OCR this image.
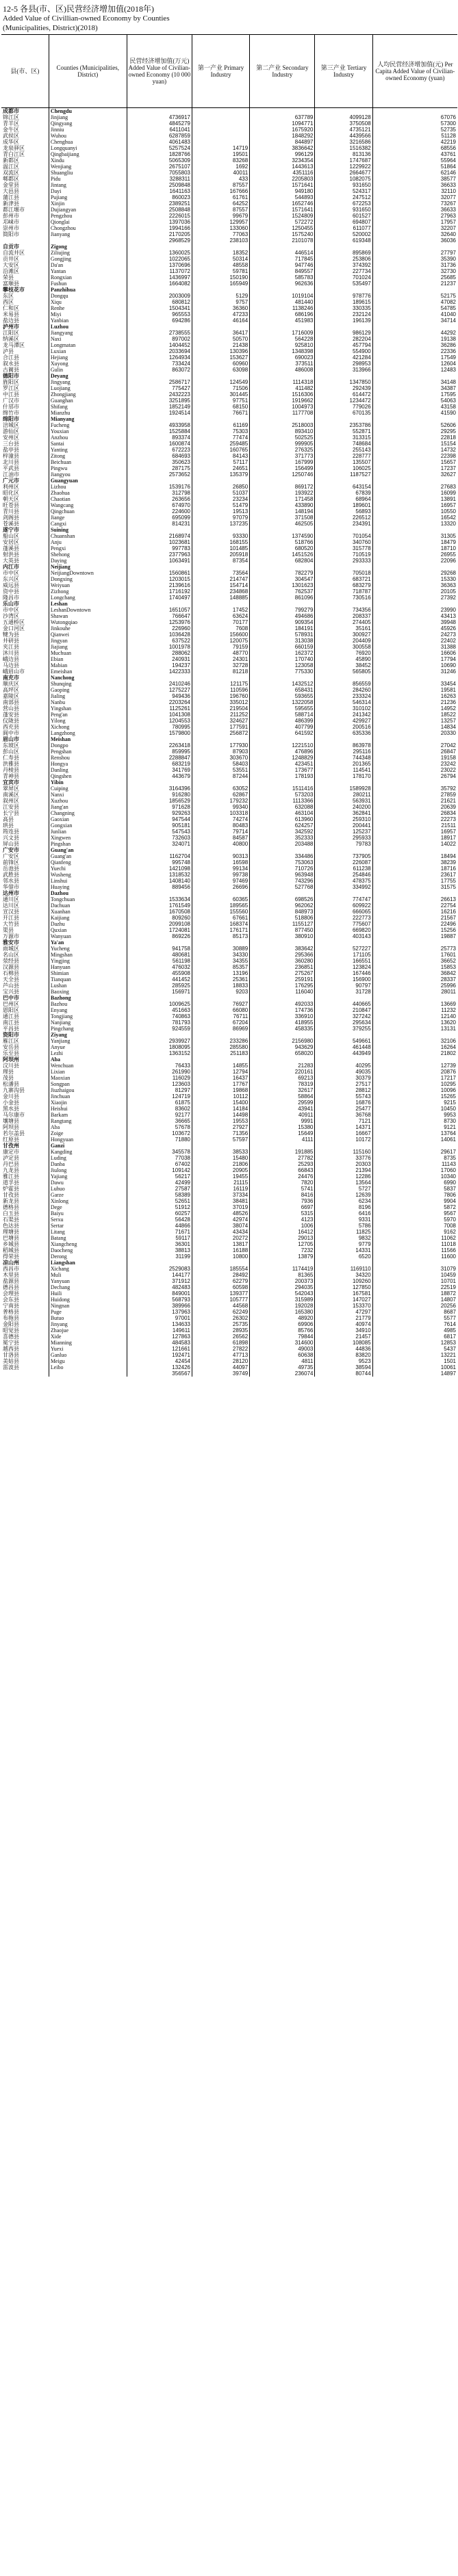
12-5 各县(市、区)民营经济增加值(2018年)
Added Value of Civillian-owned Economy by Counties
(Municipalities, District)(2018)
县(市、区)	Counties (Municipalities, District)	民营经济增加值(万元) Added Value of Civilian-owned Economy (10 000 yuan)	第一产业 Primary Industry	第二产业 Secondary Industry	第三产业 Tertiary Industry	人均民营经济增加值(元) Per Capita Added Value of Civilian-owned Economy (yuan)
成都市	Chengdu					
锦江区	Jinjiang	4736917		637789	4099128	67076
青羊区	Qingyang	4845279		1094771	3750508	57300
金牛区	Jinniu	6411041		1675920	4735121	52735
武侯区	Wuhou	6287859		1848292	4439566	51128
成华区	Chenghua	4061483		844897	3216586	42219
龙泉驿区	Longquanyi	5257524	14719	3836642	1516382	68556
青白江区	Qingbaijiang	1828766	19501	996129	813136	43761
新都区	Xindu	5065309	83268	3234354	1747687	55964
温江区	Wenjiang	2675107	1692	1443613	1229922	51864
双流区	Shuangliu	7055803	40011	4351116	2664677	62146
郫都区	Pidu	3288311	433	2205803	1082075	38577
金堂县	Jintang	2509848	87557	1571641	931650	36633
大邑县	Dayi	1641163	167666	949180	524317	32110
蒲江县	Pujiang	860023	61761	544893	247512	32077
新津县	Xinjin	2389251	64252	1652746	672253	73267
都江堰市	Dujiangyan	2508848	87557	1571641	931650	36633
彭州市	Pengzhou	2226015	99679	1524809	601527	27963
邛崃市	Qionglai	1397036	129957	572272	694807	17957
崇州市	Chongzhou	1994166	133060	1250455	611077	32207
简阳市	Jianyang	2170205	77063	1575240	520002	32640
		2968529	238103	2101078	619348	36036
自贡市	Zigong					
自流井区	Ziliujing	1360025	18352	446514	895869	27797
贡井区	Gongjing	1022065	50314	717845	253806	35390
大安区	Da'an	1370696	48558	947746	374392	31736
沿滩区	Yantan	1137072	59781	849557	227734	32730
荣县	Rongxian	1436997	150190	585783	701024	25685
富顺县	Fushun	1664082	165949	962636	535497	21237
攀枝花市	Panzhihua					
东区	Dongqu	2003009	5129	1019104	978776	52175
西区	Xiqu	680812	9757	481440	189615	47082
仁和区	Renhe	1504341	36360	1138246	330335	54785
米易县	Miyi	965553	47233	686196	232124	41040
盐边县	Yanbian	694286	46164	451983	196139	34714
泸州市	Luzhou					
江阳区	Jiangyang	2738555	36417	1716009	986129	44292
纳溪区	Naxi	897002	50570	564228	282204	19138
龙马潭区	Longmatan	1404452	21438	925810	457794	36286
泸县	Luxian	2033694	130396	1348398	554900	22336
合江县	Hejiang	1264934	153627	690023	421284	17549
叙永县	Xuyong	733424	60960	373511	298953	12604
古蔺县	Gulin	863072	63098	486008	313966	12483
德阳市	Deyang					
旌阳区	Jingyang	2586717	124549	1114318	1347850	34148
罗江区	Luojiang	775427	71506	411482	292439	34387
中江县	Zhongjiang	2432223	301445	1516306	614472	17595
广汉市	Guanghan	3251895	97751	1919662	1234472	54063
什邡市	Shifang	1852149	68150	1004973	779026	43158
绵竹市	Mianzhu	1924514	76671	1177708	670135	41590
绵阳市	Mianyang					
涪城区	Fucheng	4933958	61169	2518003	2353786	52606
游仙区	Youxian	1525884	75303	893410	552871	29295
安州区	Anzhou	893374	77474	502525	313315	22818
三台县	Santai	1600874	259485	999905	748684	15154
盐亭县	Yanting	672223	160765	276325	255143	14732
梓潼县	Zitong	684693	84143	371773	228777	22398
北川县	Beichuan	350623	57117	167999	135507	15657
平武县	Pingwu	287175	24651	156499	106025	17237
江油市	Jiangyou	2573652	135379	1250746	1187527	32627
广元市	Guangyuan					
利州区	Lizhou	1539176	26850	869172	643154	27683
昭化区	Zhaohua	312798	51037	193922	67839	16099
朝天区	Chaotian	263656	23234	171458	68964	13891
旺苍县	Wangcang	674970	51479	433890	189601	16957
青川县	Qingchuan	224600	19513	148194	56893	10550
剑阁县	Jiange	695099	97079	371508	226512	16542
苍溪县	Cangxi	814231	137235	462505	234391	13320
遂宁市	Suining					
船山区	Chuanshan	2168974	93330	1374590	701054	31305
安居区	Anju	1023681	168155	518766	340760	18479
蓬溪县	Pengxi	997783	101485	680520	315778	18710
射洪县	Shehong	2377963	205918	1451526	710519	26955
大英县	Daying	1063491	87354	682804	293333	22096
内江市	Neijiang					
市中区	NeijiangDowntown	1560861	73564	782279	705018	29268
东兴区	Dongxing	1203015	214747	304547	683721	15330
威远县	Weiyuan	2139616	154714	1301623	683279	36363
资中县	Zizhong	1716192	234868	762537	718787	20105
隆昌市	Longchang	1740497	148885	861096	730516	27392
乐山市	Leshan					
市中区	LeshanDowntown	1651057	17452	799279	734356	23990
沙湾区	Shawan	766647	63624	494686	208337	43413
五通桥区	Wutongqiao	1253976	70177	909354	274405	39948
金口河区	Jinkouhe	226960	7608	184191	35161	45926
犍为县	Qianwei	1036428	156600	578931	300927	24273
井研县	Jingyan	637522	120075	313038	204409	22402
夹江县	Jiajiang	1001978	79159	660159	300558	31388
沐川县	Muchuan	288062	48770	162372	76920	16606
峨边县	Ebian	240931	24301	170740	45890	17794
马边县	Mabian	194237	32728	123058	38452	10690
峨眉山市	Emeishan	1422333	81218	775330	565805	31246
南充市	Nanchong					
顺庆区	Shunqing	2410246	121175	1432512	856559	33454
高坪区	Gaoping	1275227	110596	658431	284260	19581
嘉陵区	Jialing	949436	196760	593655	233324	16263
南部县	Nanbu	2203264	335012	1322058	546314	21236
营山县	Yingshan	1125261	219504	595655	310102	14952
蓬安县	Peng'an	1041308	211252	588714	241342	18522
仪陇县	Yilong	1204553	324627	486399	429927	13257
西充县	Xichong	780995	177591	407799	200516	14834
阆中市	Langzhong	1579800	256872	641592	635336	20330
眉山市	Meishan					
东坡区	Dongpo	2263418	177930	1221510	863978	27042
彭山区	Pengshan	859995	87903	476896	295116	26847
仁寿县	Renshou	2288847	303670	1248829	744348	19158
洪雅县	Hongya	683219	58403	423451	201365	23242
丹棱县	Danling	341769	53551	173677	114541	23022
青神县	Qingshen	443679	87244	178193	178170	26794
宜宾市	Yibin					
翠屏区	Cuiping	3164396	63052	1511416	1589928	35792
南溪区	Nanxi	916280	62867	573203	280211	27859
叙州区	Xuzhou	1856529	179232	1113366	563931	21621
江安县	Jiang'an	971628	99340	632088	240200	20639
长宁县	Changning	929263	103318	463104	362841	26834
高县	Gaoxian	947544	74274	613960	259310	22273
珙县	Gongxian	905181	80483	624257	200441	21511
筠连县	Junlian	547543	79714	342592	125237	16957
兴文县	Xingwen	732603	84587	352333	295933	18917
屏山县	Pingshan	324071	40800	203488	79783	14022
广安市	Guang'an					
广安区	Guang'an	1162704	90313	334486	737905	18494
前锋区	Qianfeng	995748	16598	753063	226087	38239
岳池县	Yuechi	1421098	99134	710726	611238	18716
武胜县	Wusheng	1318532	99738	963948	254846	23617
邻水县	Linshui	1408140	97469	743296	478375	17755
华蓥市	Huaying	889456	26696	527768	334992	31575
达州市	Dazhou					
通川区	Tongchuan	1533634	60365	698526	774747	26613
达川区	Dachuan	1761549	189565	962062	609922	22754
宣汉县	Xuanhan	1670508	155560	848973	666065	16216
开江县	Kaijiang	809260	67661	518806	222773	21567
大竹县	Dazhu	2099108	168374	1155127	775607	22496
渠县	Quxian	1724081	176171	877450	669820	15256
万源市	Wanyuan	869226	85173	380910	403143	19887
雅安市	Ya'an					
雨城区	Yucheng	941758	30889	383642	527227	25773
名山区	Mingshan	480681	34330	295366	171105	17601
荥经县	Yingjing	561198	34355	360280	166551	36652
汉源县	Hanyuan	476032	85357	236851	123824	15853
石棉县	Shimian	455908	13196	275267	167446	36842
天全县	Tianquan	441452	25361	259191	156900	28337
芦山县	Lushan	285925	18833	176295	90797	25996
宝兴县	Baoxing	156971	9203	116040	31728	28011
巴中市	Bazhong					
巴州区	Bazhou	1009625	76927	492033	440665	13669
恩阳区	Enyang	451663	66080	174736	210847	11232
通江县	Tongjiang	740863	76711	336910	327242	12140
南江县	Nanjiang	781793	67204	418955	295634	13620
平昌县	Pingchang	924559	86969	458335	379255	13131
资阳市	Ziyang					
雁江区	Yanjiang	2939927	233286	2156980	549661	32106
安岳县	Anyue	1808095	285580	943629	461448	16264
乐至县	Lezhi	1363152	251183	658020	443949	21802
阿坝州	Aba					
汶川县	Wenchuan	76433	14855	21283	40295	12739
理县	Lixian	261990	12794	220161	49035	20876
茂县	Maoxian	116029	16437	69213	30379	17217
松潘县	Songpan	123603	17767	78319	27517	10295
九寨沟县	Jiuzhaigou	81297	19868	32617	28812	10096
金川县	Jinchuan	124719	10112	58864	55743	15265
小金县	Xiaojin	61875	15400	29599	16876	9215
黑水县	Heishui	83602	14184	43941	25477	10450
马尔康市	Barkam	92177	14498	40911	36768	9953
壤塘县	Rangtang	36665	19553	9991	7121	8730
阿坝县	Aba	57678	27927	15380	14371	9121
若尔盖县	Zoige	103672	71356	15649	16667	13764
红原县	Hongyuan	71880	57597	4111	10172	14061
甘孜州	Ganzi					
康定市	Kangding	345578	38533	191885	115160	29617
泸定县	Luding	77038	15480	27782	33776	8735
丹巴县	Danba	67402	21806	25293	20303	11143
九龙县	Jiulong	109142	20905	66843	21394	17060
雅江县	Yajiang	56217	19455	24476	12286	10340
道孚县	Dawu	42499	21115	7820	13564	6990
炉霍县	Luhuo	27587	16119	5741	5727	5837
甘孜县	Garze	58389	37334	8416	12639	7806
新龙县	Xinlong	52651	38481	7936	6234	9904
德格县	Dege	51912	37019	6697	8196	5872
白玉县	Baiyu	60257	48526	5315	6416	9567
石渠县	Serxu	56428	42974	4123	9331	5970
色达县	Sertar	44866	38074	1006	5786	7008
理塘县	Litang	71671	43434	16412	11825	9162
巴塘县	Batang	59117	20272	29013	9832	11062
乡城县	Xiangcheng	36301	13817	12705	9779	11018
稻城县	Daocheng	38813	16188	7232	14331	11566
得荣县	Derong	31199	10800	13879	6520	11600
凉山州	Liangshan					
西昌市	Xichang	2529083	185554	1174419	1169110	31079
木里县	Muli	144177	28492	81365	34320	10459
盐源县	Yanyuan	371912	62279	200373	109260	10701
德昌县	Dechang	482483	60598	294035	127850	22519
会理县	Huili	849001	139377	542043	167581	18872
会东县	Huidong	568793	105777	315989	147027	14807
宁南县	Ningnan	389966	44568	192028	153370	20256
普格县	Puge	137963	62249	165380	47297	8687
布拖县	Butuo	97001	26302	48920	21779	5577
金阳县	Jinyang	134633	25735	69906	40974	7614
昭觉县	Zhaojue	149611	28935	85766	34910	4985
喜德县	Xide	127863	26562	79844	21457	6817
冕宁县	Mianning	484583	61898	314600	108085	12853
越西县	Yuexi	121661	27822	49003	44836	5437
甘洛县	Ganluo	192471	47713	60638	83820	13221
美姑县	Meigu	42454	28120	4811	9523	1501
雷波县	Leibo	132426	44097	49735	38594	10061
		356567	39749	236074	80744	14897
